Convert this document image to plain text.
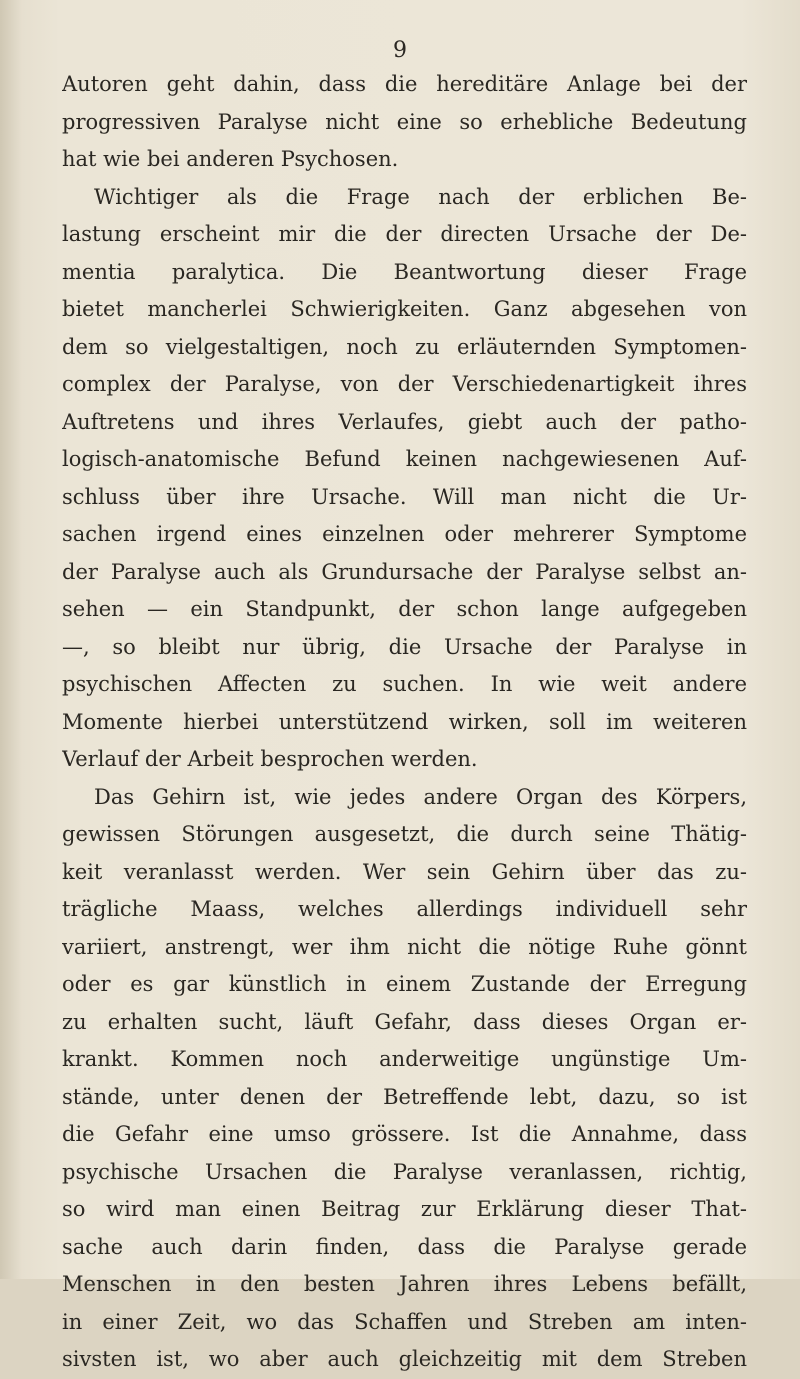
9
Autoren geht dahin, dass die hereditäre Anlage bei der
progressiven Paralyse nicht eine so erhebliche Bedeutung
hat wie bei anderen Psychosen.
Wichtiger als die Frage nach der erblichen Be-
lastung erscheint mir die der directen Ursache der De-
mentia paralytica. Die Beantwortung dieser Frage
bietet mancherlei Schwierigkeiten. Ganz abgesehen von
dem so vielgestaltigen, noch zu erläuternden Symptomen-
complex der Paralyse, von der Verschiedenartigkeit ihres
Auftretens und ihres Verlaufes, giebt auch der patho-
logisch-anatomische Befund keinen nachgewiesenen Auf-
schluss über ihre Ursache. Will man nicht die Ur-
sachen irgend eines einzelnen oder mehrerer Symptome
der Paralyse auch als Grundursache der Paralyse selbst an-
sehen — ein Standpunkt, der schon lange aufgegeben
—, so bleibt nur übrig, die Ursache der Paralyse in
psychischen Affecten zu suchen. In wie weit andere
Momente hierbei unterstützend wirken, soll im weiteren
Verlauf der Arbeit besprochen werden.
Das Gehirn ist, wie jedes andere Organ des Körpers,
gewissen Störungen ausgesetzt, die durch seine Thätig-
keit veranlasst werden. Wer sein Gehirn über das zu-
trägliche Maass, welches allerdings individuell sehr
variiert, anstrengt, wer ihm nicht die nötige Ruhe gönnt
oder es gar künstlich in einem Zustande der Erregung
zu erhalten sucht, läuft Gefahr, dass dieses Organ er-
krankt. Kommen noch anderweitige ungünstige Um-
stände, unter denen der Betreffende lebt, dazu, so ist
die Gefahr eine umso grössere. Ist die Annahme, dass
psychische Ursachen die Paralyse veranlassen, richtig,
so wird man einen Beitrag zur Erklärung dieser That-
sache auch darin finden, dass die Paralyse gerade
Menschen in den besten Jahren ihres Lebens befällt,
in einer Zeit, wo das Schaffen und Streben am inten-
sivsten ist, wo aber auch gleichzeitig mit dem Streben
